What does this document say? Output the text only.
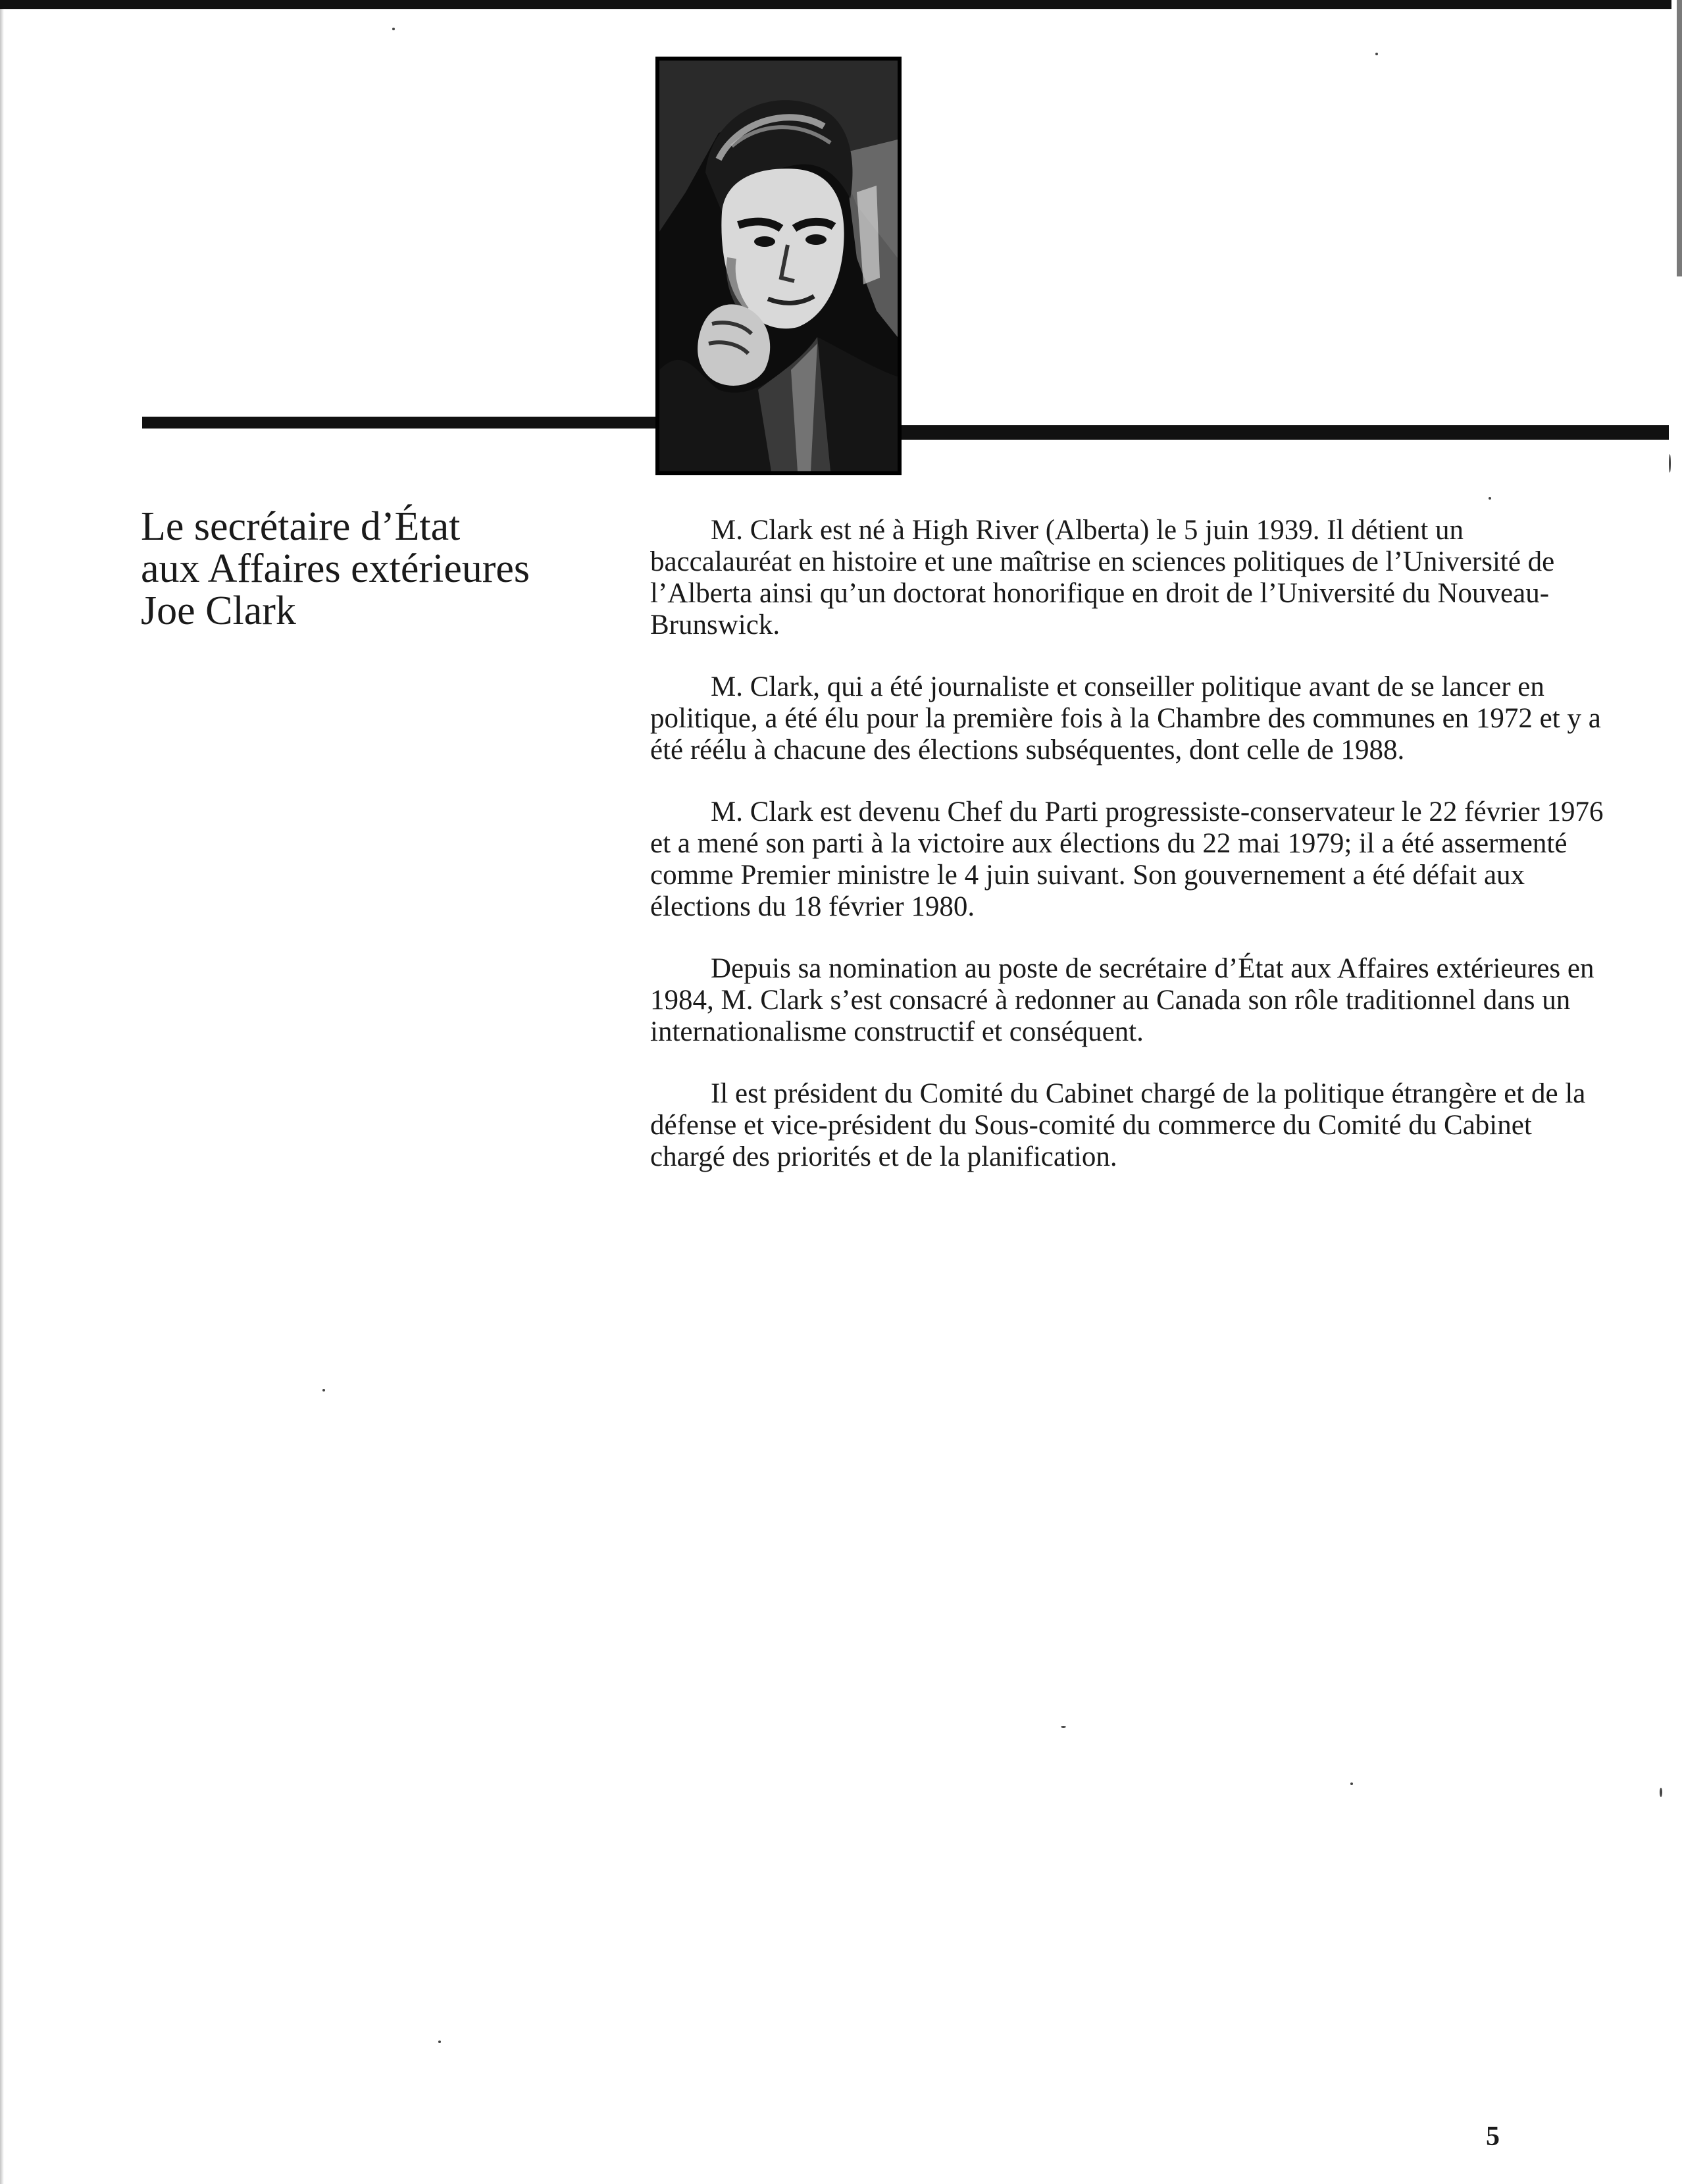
Le secrétaire d’État
aux Affaires extérieures
Joe Clark

M. Clark est né à High River (Alberta) le 5 juin 1939. Il détient un baccalauréat en histoire et une maîtrise en sciences politiques de l’Université de l’Alberta ainsi qu’un doctorat honorifique en droit de l’Université du Nouveau-Brunswick.

M. Clark, qui a été journaliste et conseiller politique avant de se lancer en politique, a été élu pour la première fois à la Chambre des communes en 1972 et y a été réélu à chacune des élections subséquentes, dont celle de 1988.

M. Clark est devenu Chef du Parti progressiste-conservateur le 22 février 1976 et a mené son parti à la victoire aux élections du 22 mai 1979; il a été assermenté comme Premier ministre le 4 juin suivant. Son gouvernement a été défait aux élections du 18 février 1980.

Depuis sa nomination au poste de secrétaire d’État aux Affaires extérieures en 1984, M. Clark s’est consacré à redonner au Canada son rôle traditionnel dans un internationalisme constructif et conséquent.

Il est président du Comité du Cabinet chargé de la politique étrangère et de la défense et vice-président du Sous-comité du commerce du Comité du Cabinet chargé des priorités et de la planification.

5
